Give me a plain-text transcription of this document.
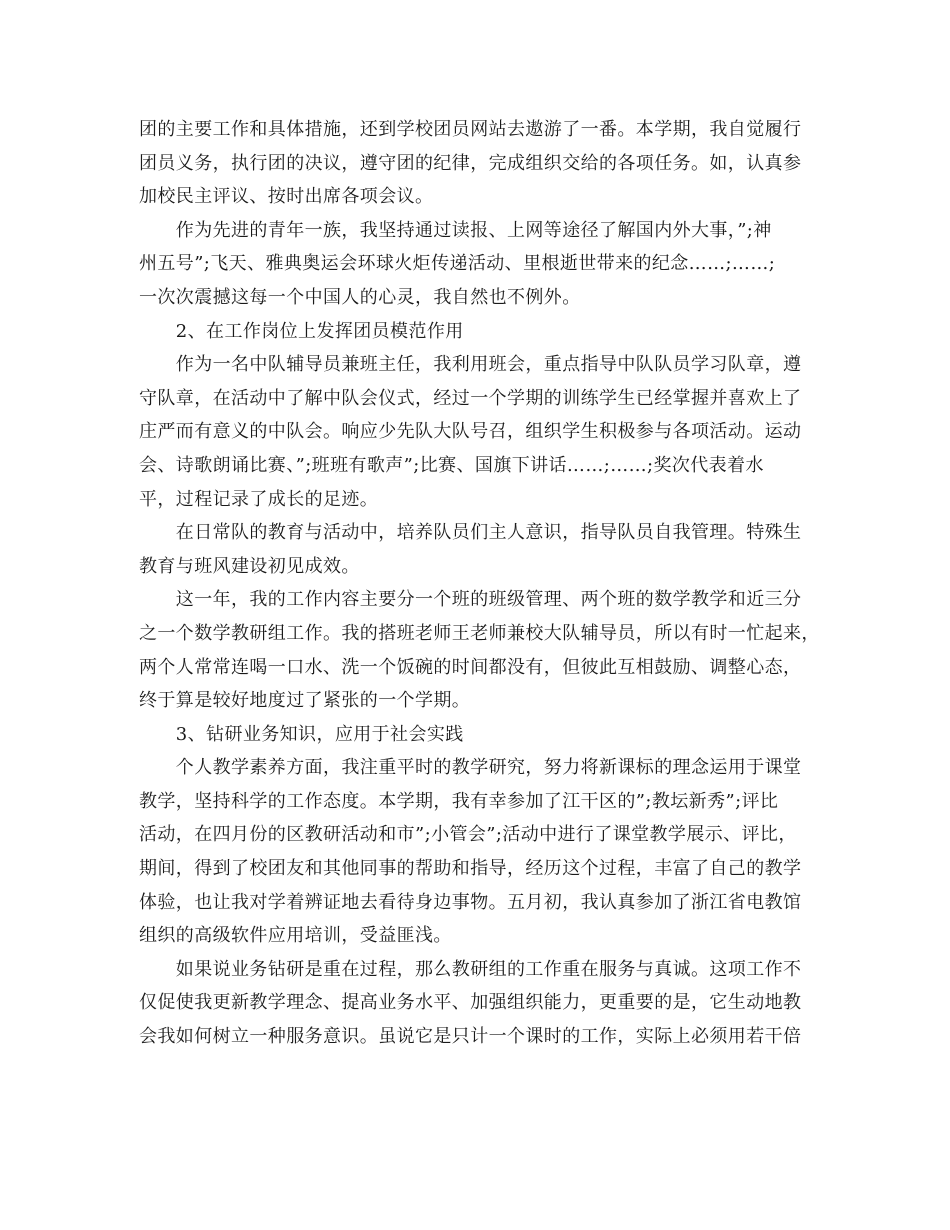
团的主要工作和具体措施，还到学校团员网站去遨游了一番。本学期，我自觉履行
团员义务，执行团的决议，遵守团的纪律，完成组织交给的各项任务。如，认真参
加校民主评议、按时出席各项会议。
　　作为先进的青年一族，我坚持通过读报、上网等途径了解国内外大事，”;神
州五号”;飞天、雅典奥运会环球火炬传递活动、里根逝世带来的纪念……;……;
一次次震撼这每一个中国人的心灵，我自然也不例外。
　　2、在工作岗位上发挥团员模范作用
　　作为一名中队辅导员兼班主任，我利用班会，重点指导中队队员学习队章，遵
守队章，在活动中了解中队会仪式，经过一个学期的训练学生已经掌握并喜欢上了
庄严而有意义的中队会。响应少先队大队号召，组织学生积极参与各项活动。运动
会、诗歌朗诵比赛、”;班班有歌声”;比赛、国旗下讲话……;……;奖次代表着水
平，过程记录了成长的足迹。
　　在日常队的教育与活动中，培养队员们主人意识，指导队员自我管理。特殊生
教育与班风建设初见成效。
　　这一年，我的工作内容主要分一个班的班级管理、两个班的数学教学和近三分
之一个数学教研组工作。我的搭班老师王老师兼校大队辅导员，所以有时一忙起来，
两个人常常连喝一口水、洗一个饭碗的时间都没有，但彼此互相鼓励、调整心态，
终于算是较好地度过了紧张的一个学期。
　　3、钻研业务知识，应用于社会实践
　　个人教学素养方面，我注重平时的教学研究，努力将新课标的理念运用于课堂
教学，坚持科学的工作态度。本学期，我有幸参加了江干区的”;教坛新秀”;评比
活动，在四月份的区教研活动和市”;小管会”;活动中进行了课堂教学展示、评比，
期间，得到了校团友和其他同事的帮助和指导，经历这个过程，丰富了自己的教学
体验，也让我对学着辨证地去看待身边事物。五月初，我认真参加了浙江省电教馆
组织的高级软件应用培训，受益匪浅。
　　如果说业务钻研是重在过程，那么教研组的工作重在服务与真诚。这项工作不
仅促使我更新教学理念、提高业务水平、加强组织能力，更重要的是，它生动地教
会我如何树立一种服务意识。虽说它是只计一个课时的工作，实际上必须用若干倍
